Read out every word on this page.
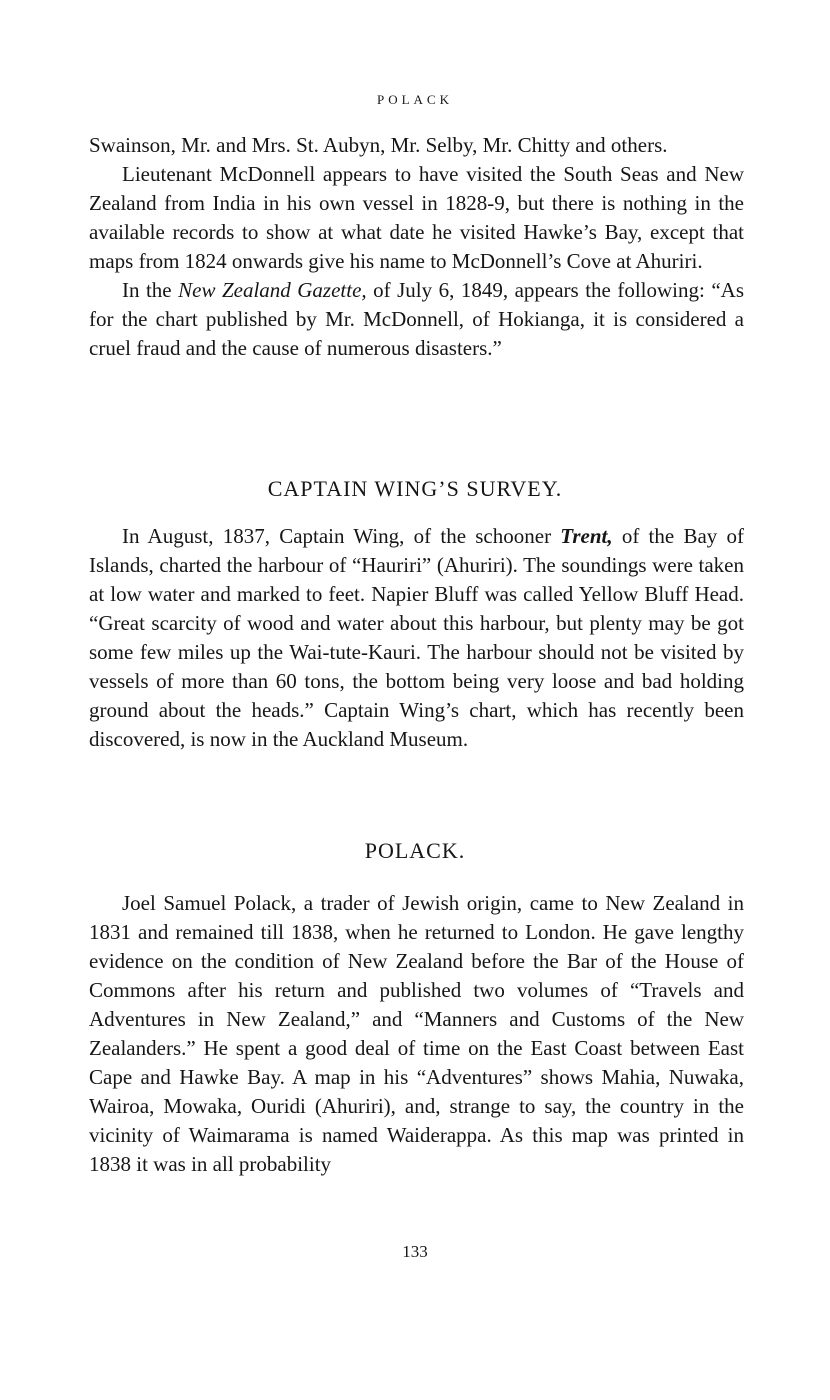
POLACK

Swainson, Mr. and Mrs. St. Aubyn, Mr. Selby, Mr. Chitty and others.

Lieutenant McDonnell appears to have visited the South Seas and New Zealand from India in his own vessel in 1828-9, but there is nothing in the available records to show at what date he visited Hawke’s Bay, except that maps from 1824 onwards give his name to McDonnell’s Cove at Ahuriri.

In the New Zealand Gazette, of July 6, 1849, appears the following: “As for the chart published by Mr. McDonnell, of Hokianga, it is considered a cruel fraud and the cause of numerous disasters.”

CAPTAIN WING’S SURVEY.

In August, 1837, Captain Wing, of the schooner Trent, of the Bay of Islands, charted the harbour of “Hauriri” (Ahuriri). The soundings were taken at low water and marked to feet. Napier Bluff was called Yellow Bluff Head. “Great scarcity of wood and water about this harbour, but plenty may be got some few miles up the Wai-tute-Kauri. The harbour should not be visited by vessels of more than 60 tons, the bottom being very loose and bad holding ground about the heads.” Captain Wing’s chart, which has recently been discovered, is now in the Auckland Museum.

POLACK.

Joel Samuel Polack, a trader of Jewish origin, came to New Zealand in 1831 and remained till 1838, when he returned to London. He gave lengthy evidence on the condition of New Zealand before the Bar of the House of Commons after his return and published two volumes of “Travels and Adventures in New Zealand,” and “Manners and Customs of the New Zealanders.” He spent a good deal of time on the East Coast between East Cape and Hawke Bay. A map in his “Adventures” shows Mahia, Nuwaka, Wairoa, Mowaka, Ouridi (Ahuriri), and, strange to say, the country in the vicinity of Waimarama is named Waiderappa. As this map was printed in 1838 it was in all probability

133
